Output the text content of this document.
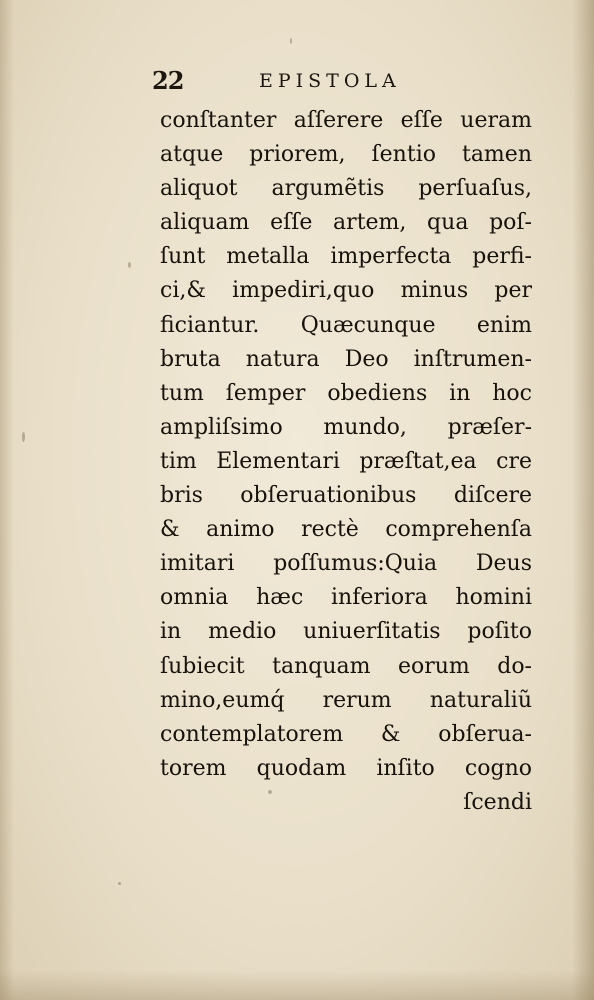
22	EPISTOLA
conſtanter aſſerere eſſe ueram
atque priorem, ſentio tamen
aliquot argumẽtis perſuaſus,
aliquam eſſe artem, qua poſ-
ſunt metalla imperfecta perfi-
ci,& impediri,quo minus per
ficiantur. Quæcunque enim
bruta natura Deo inſtrumen-
tum ſemper obediens in hoc
ampliſsimo mundo, præſer-
tim Elementari præſtat,ea cre
bris obſeruationibus diſcere
& animo rectè comprehenſa
imitari poſſumus:Quia Deus
omnia hæc inferiora homini
in medio uniuerſitatis poſito
ſubiecit tanquam eorum do-
mino,eumq́ rerum naturaliũ
contemplatorem & obſerua-
torem quodam inſito cogno
ſcendi
